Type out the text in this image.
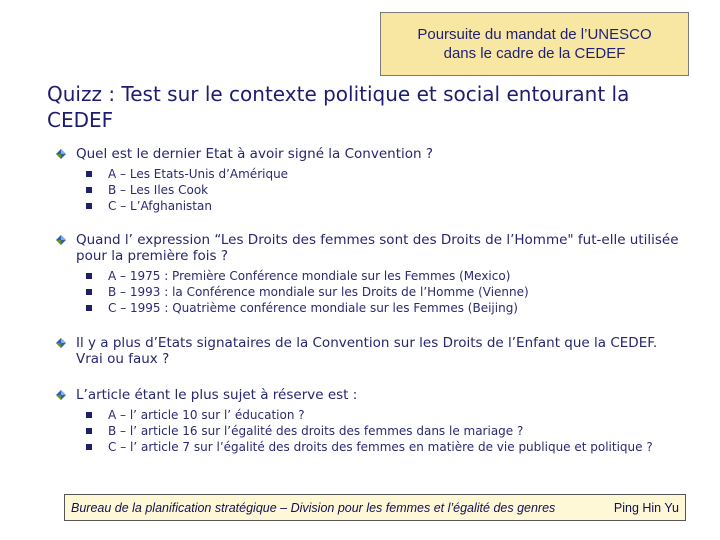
Poursuite du mandat de l’UNESCO
dans le cadre de la CEDEF
Quizz : Test sur le contexte politique et social entourant la
CEDEF
Quel est le dernier Etat à avoir signé la Convention ?
A – Les Etats-Unis d’Amérique
B – Les Iles Cook
C – L’Afghanistan
Quand l’ expression “Les Droits des femmes sont des Droits de l’Homme" fut-elle utilisée
pour la première fois ?
A – 1975 : Première Conférence mondiale sur les Femmes (Mexico)
B – 1993 : la Conférence mondiale sur les Droits de l’Homme (Vienne)
C – 1995 : Quatrième conférence mondiale sur les Femmes (Beijing)
Il y a plus d’Etats signataires de la Convention sur les Droits de l’Enfant que la CEDEF.
Vrai ou faux ?
L’article étant le plus sujet à réserve est :
A – l’ article 10 sur l’ éducation ?
B – l’ article 16 sur l’égalité des droits des femmes dans le mariage ?
C – l’ article 7 sur l’égalité des droits des femmes en matière de vie publique et politique ?
Bureau de la planification stratégique – Division pour les femmes et l’égalité des genres	Ping Hin Yu
